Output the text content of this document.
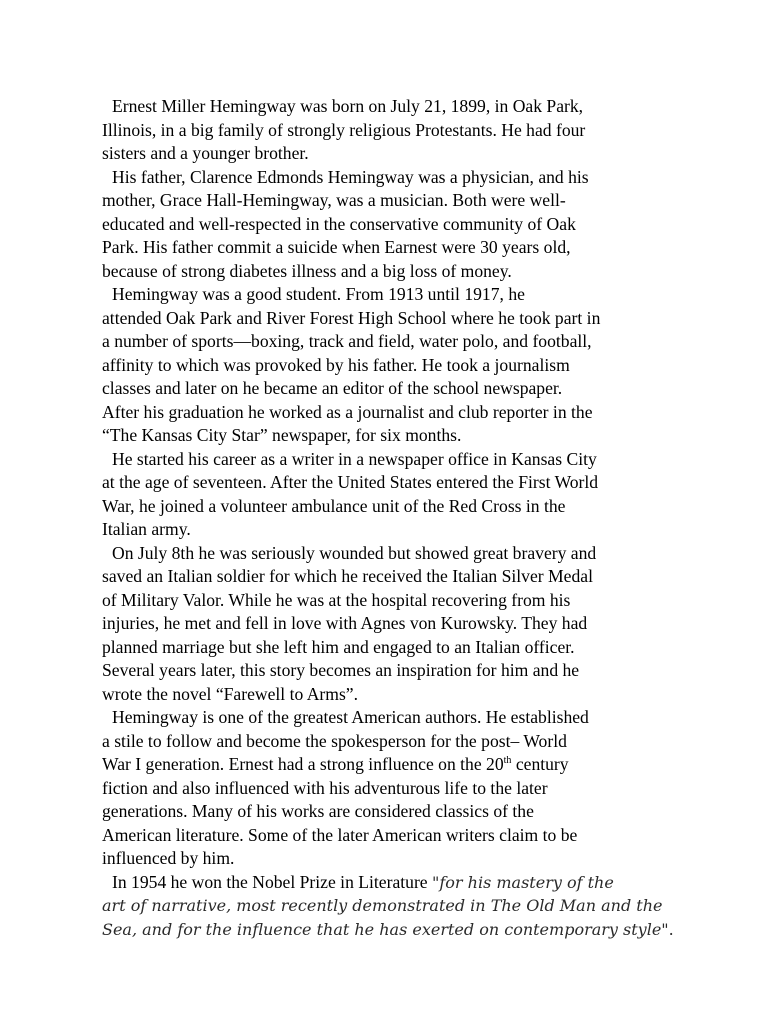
Ernest Miller Hemingway was born on July 21, 1899, in Oak Park,
Illinois, in a big family of strongly religious Protestants. He had four
sisters and a younger brother.

His father, Clarence Edmonds Hemingway was a physician, and his
mother, Grace Hall-Hemingway, was a musician. Both were well-
educated and well-respected in the conservative community of Oak
Park. His father commit a suicide when Earnest were 30 years old,
because of strong diabetes illness and a big loss of money.

Hemingway was a good student. From 1913 until 1917, he
attended Oak Park and River Forest High School where he took part in
a number of sports—boxing, track and field, water polo, and football,
affinity to which was provoked by his father. He took a journalism
classes and later on he became an editor of the school newspaper.
After his graduation he worked as a journalist and club reporter in the
“The Kansas City Star” newspaper, for six months.

He started his career as a writer in a newspaper office in Kansas City
at the age of seventeen. After the United States entered the First World
War, he joined a volunteer ambulance unit of the Red Cross in the
Italian army.

On July 8th he was seriously wounded but showed great bravery and
saved an Italian soldier for which he received the Italian Silver Medal
of Military Valor. While he was at the hospital recovering from his
injuries, he met and fell in love with Agnes von Kurowsky. They had
planned marriage but she left him and engaged to an Italian officer.
Several years later, this story becomes an inspiration for him and he
wrote the novel “Farewell to Arms”.

Hemingway is one of the greatest American authors. He established
a stile to follow and become the spokesperson for the post– World
War I generation. Ernest had a strong influence on the 20th century
fiction and also influenced with his adventurous life to the later
generations. Many of his works are considered classics of the
American literature. Some of the later American writers claim to be
influenced by him.

In 1954 he won the Nobel Prize in Literature "for his mastery of the
art of narrative, most recently demonstrated in The Old Man and the
Sea, and for the influence that he has exerted on contemporary style".
